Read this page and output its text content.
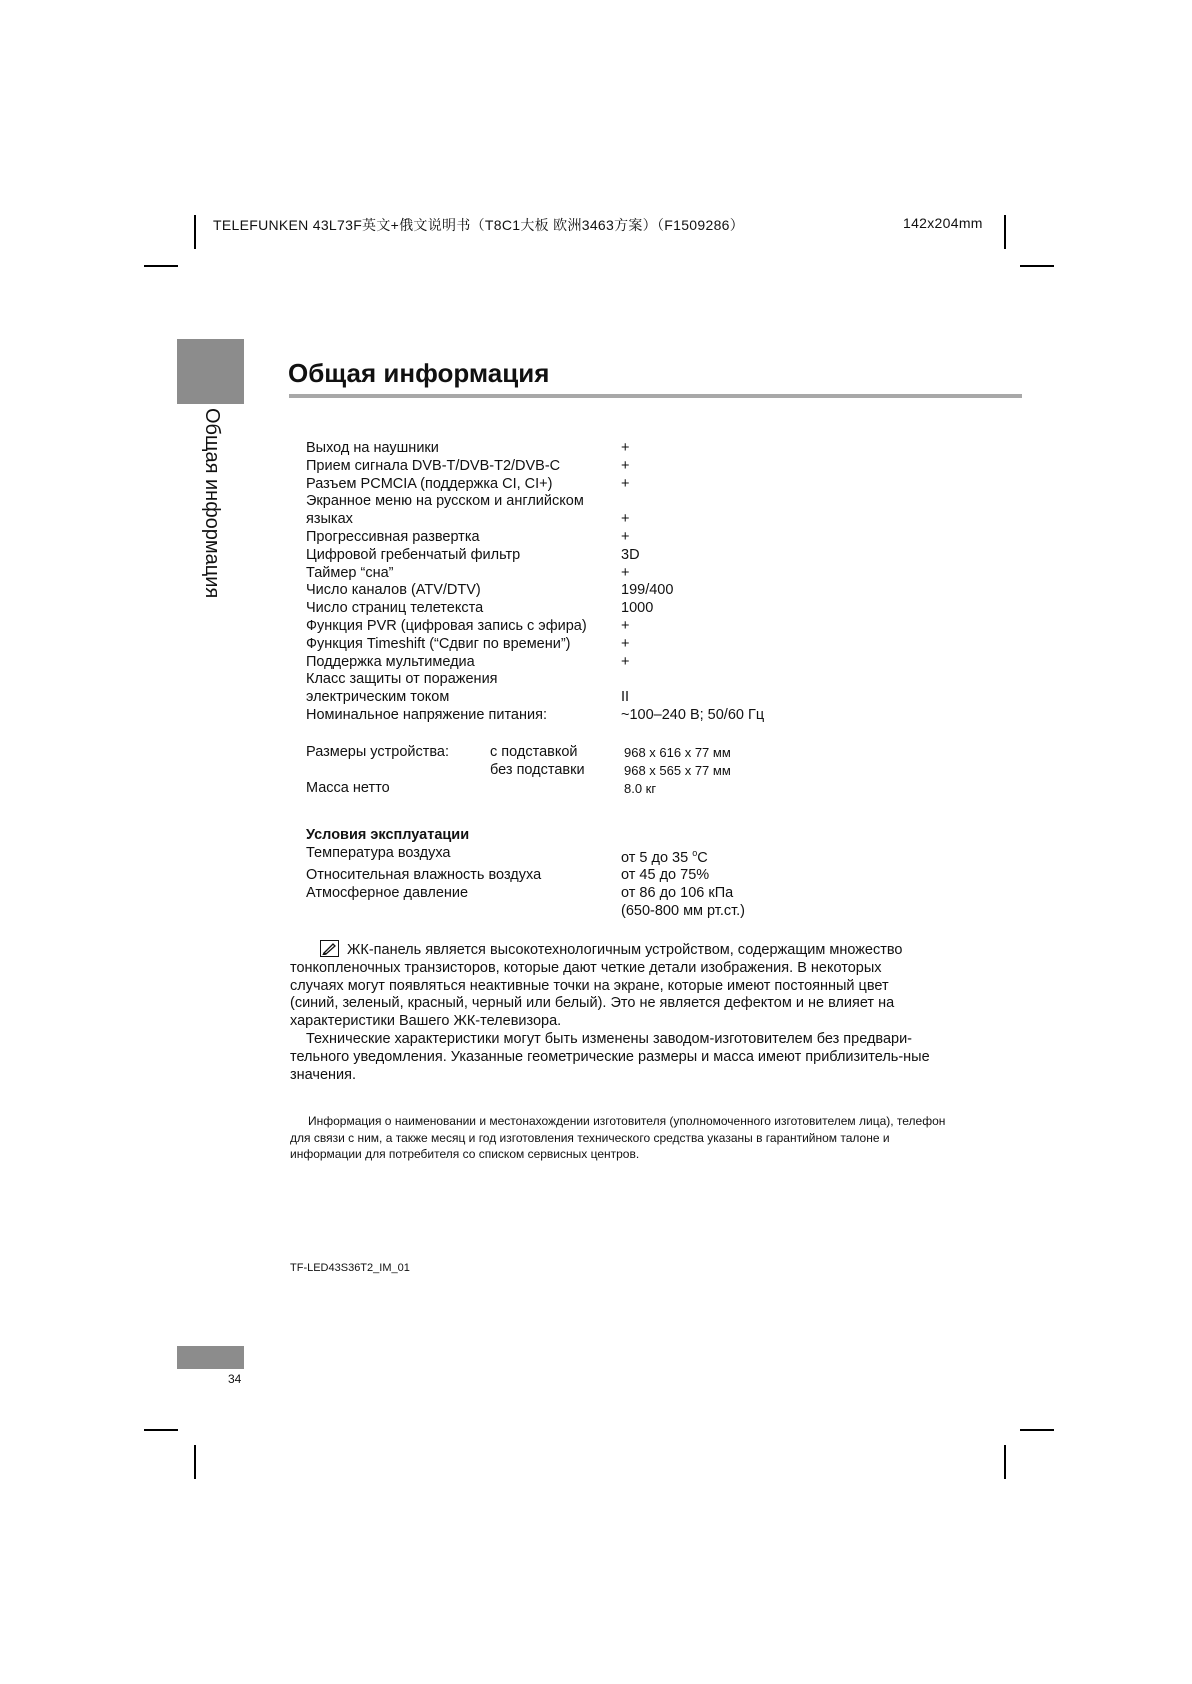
TELEFUNKEN 43L73F英文+俄文说明书（T8C1大板 欧洲3463方案）（F1509286）	142x204mm
Общая информация
Общая информация
Выход на наушники	+
Прием сигнала DVB-T/DVB-T2/DVB-C	+
Разъем PCMCIA (поддержка CI, CI+)	+
Экранное меню на русском и английском
языках	+
Прогрессивная развертка	+
Цифровой гребенчатый фильтр	3D
Таймер “сна”	+
Число каналов (ATV/DTV)	199/400
Число страниц телетекста	1000
Функция PVR (цифровая запись с эфира)	+
Функция Timeshift (“Сдвиг по времени”)	+
Поддержка мультимедиа	+
Класс защиты от поражения
электрическим током	II
Номинальное напряжение питания:	~100–240 В; 50/60 Гц
Размеры устройства:	с подставкой	968 x 616 x 77 мм
без подставки	968 x 565 x 77 мм
Масса нетто	8.0 кг
Условия эксплуатации
Температура воздуха	от 5 до 35 $^o$C
Относительная влажность воздуха	от 45 до 75%
Атмосферное давление	от 86 до 106 кПа
(650-800 мм рт.ст.)

ЖК-панель является высокотехнологичным устройством, содержащим множество тонкопленочных транзисторов, которые дают четкие детали изображения. В некоторых случаях могут появляться неактивные точки на экране, которые имеют постоянный цвет (синий, зеленый, красный, черный или белый). Это не является дефектом и не влияет на характеристики Вашего ЖК-телевизора.

Технические характеристики могут быть изменены заводом-изготовителем без предвари-тельного уведомления. Указанные геометрические размеры и масса имеют приблизитель-ные значения.

Информация о наименовании и местонахождении изготовителя (уполномоченного изготовителем лица), телефон для связи с ним, а также месяц и год изготовления технического средства указаны в гарантийном талоне и информации для потребителя со списком сервисных центров.
TF-LED43S36T2_IM_01
34
